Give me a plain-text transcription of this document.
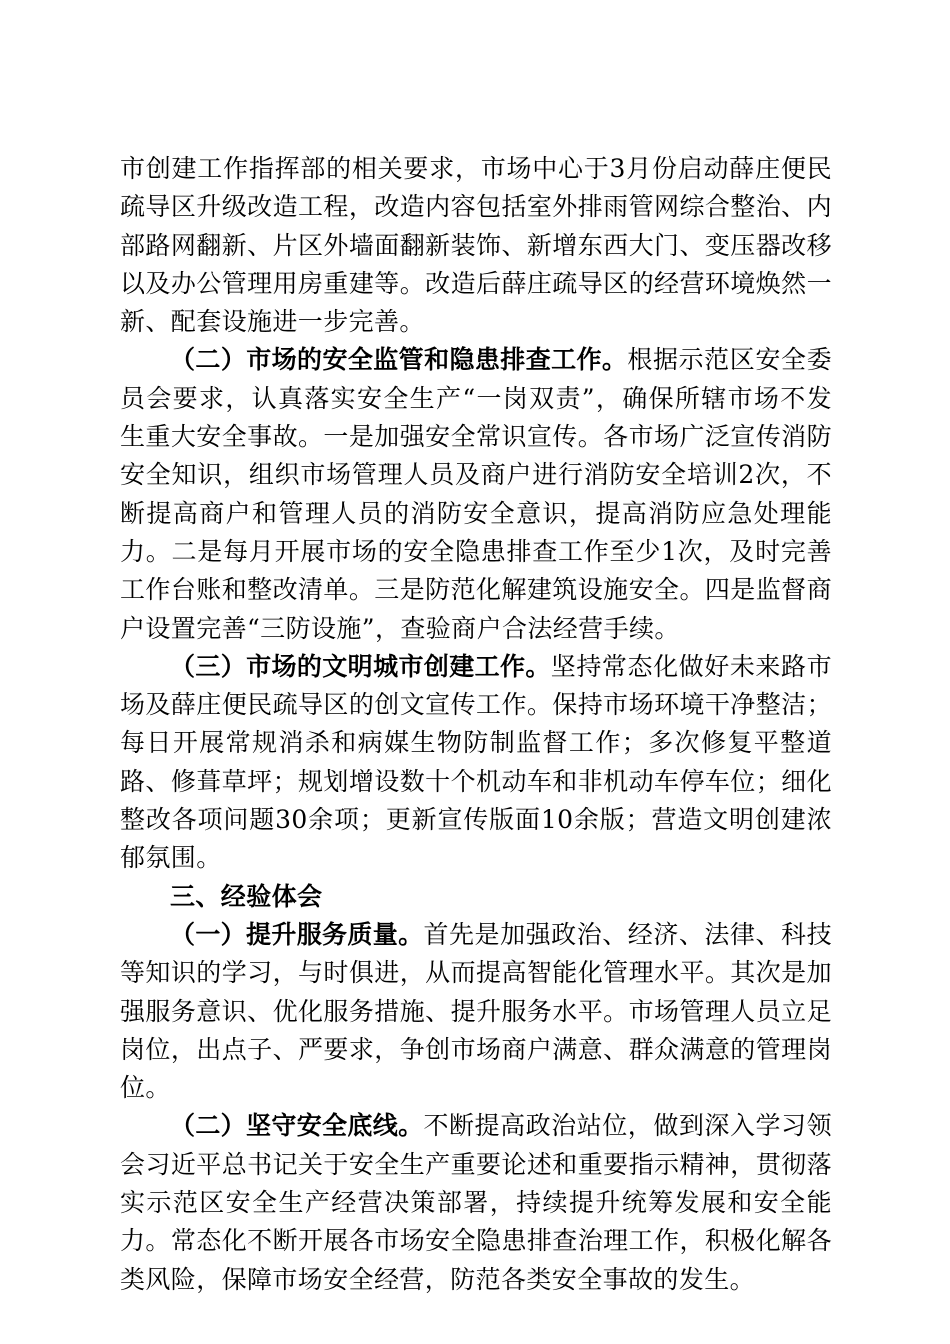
市创建工作指挥部的相关要求，市场中心于3月份启动薛庄便民疏导区升级改造工程，改造内容包括室外排雨管网综合整治、内部路网翻新、片区外墙面翻新装饰、新增东西大门、变压器改移以及办公管理用房重建等。改造后薛庄疏导区的经营环境焕然一新、配套设施进一步完善。

（二）市场的安全监管和隐患排查工作。根据示范区安全委员会要求，认真落实安全生产“一岗双责”，确保所辖市场不发生重大安全事故。一是加强安全常识宣传。各市场广泛宣传消防安全知识，组织市场管理人员及商户进行消防安全培训2次，不断提高商户和管理人员的消防安全意识，提高消防应急处理能力。二是每月开展市场的安全隐患排查工作至少1次，及时完善工作台账和整改清单。三是防范化解建筑设施安全。四是监督商户设置完善“三防设施”，查验商户合法经营手续。

（三）市场的文明城市创建工作。坚持常态化做好未来路市场及薛庄便民疏导区的创文宣传工作。保持市场环境干净整洁；每日开展常规消杀和病媒生物防制监督工作；多次修复平整道路、修葺草坪；规划增设数十个机动车和非机动车停车位；细化整改各项问题30余项；更新宣传版面10余版；营造文明创建浓郁氛围。

三、经验体会

（一）提升服务质量。首先是加强政治、经济、法律、科技等知识的学习，与时俱进，从而提高智能化管理水平。其次是加强服务意识、优化服务措施、提升服务水平。市场管理人员立足岗位，出点子、严要求，争创市场商户满意、群众满意的管理岗位。

（二）坚守安全底线。不断提高政治站位，做到深入学习领会习近平总书记关于安全生产重要论述和重要指示精神，贯彻落实示范区安全生产经营决策部署，持续提升统筹发展和安全能力。常态化不断开展各市场安全隐患排查治理工作，积极化解各类风险，保障市场安全经营，防范各类安全事故的发生。
